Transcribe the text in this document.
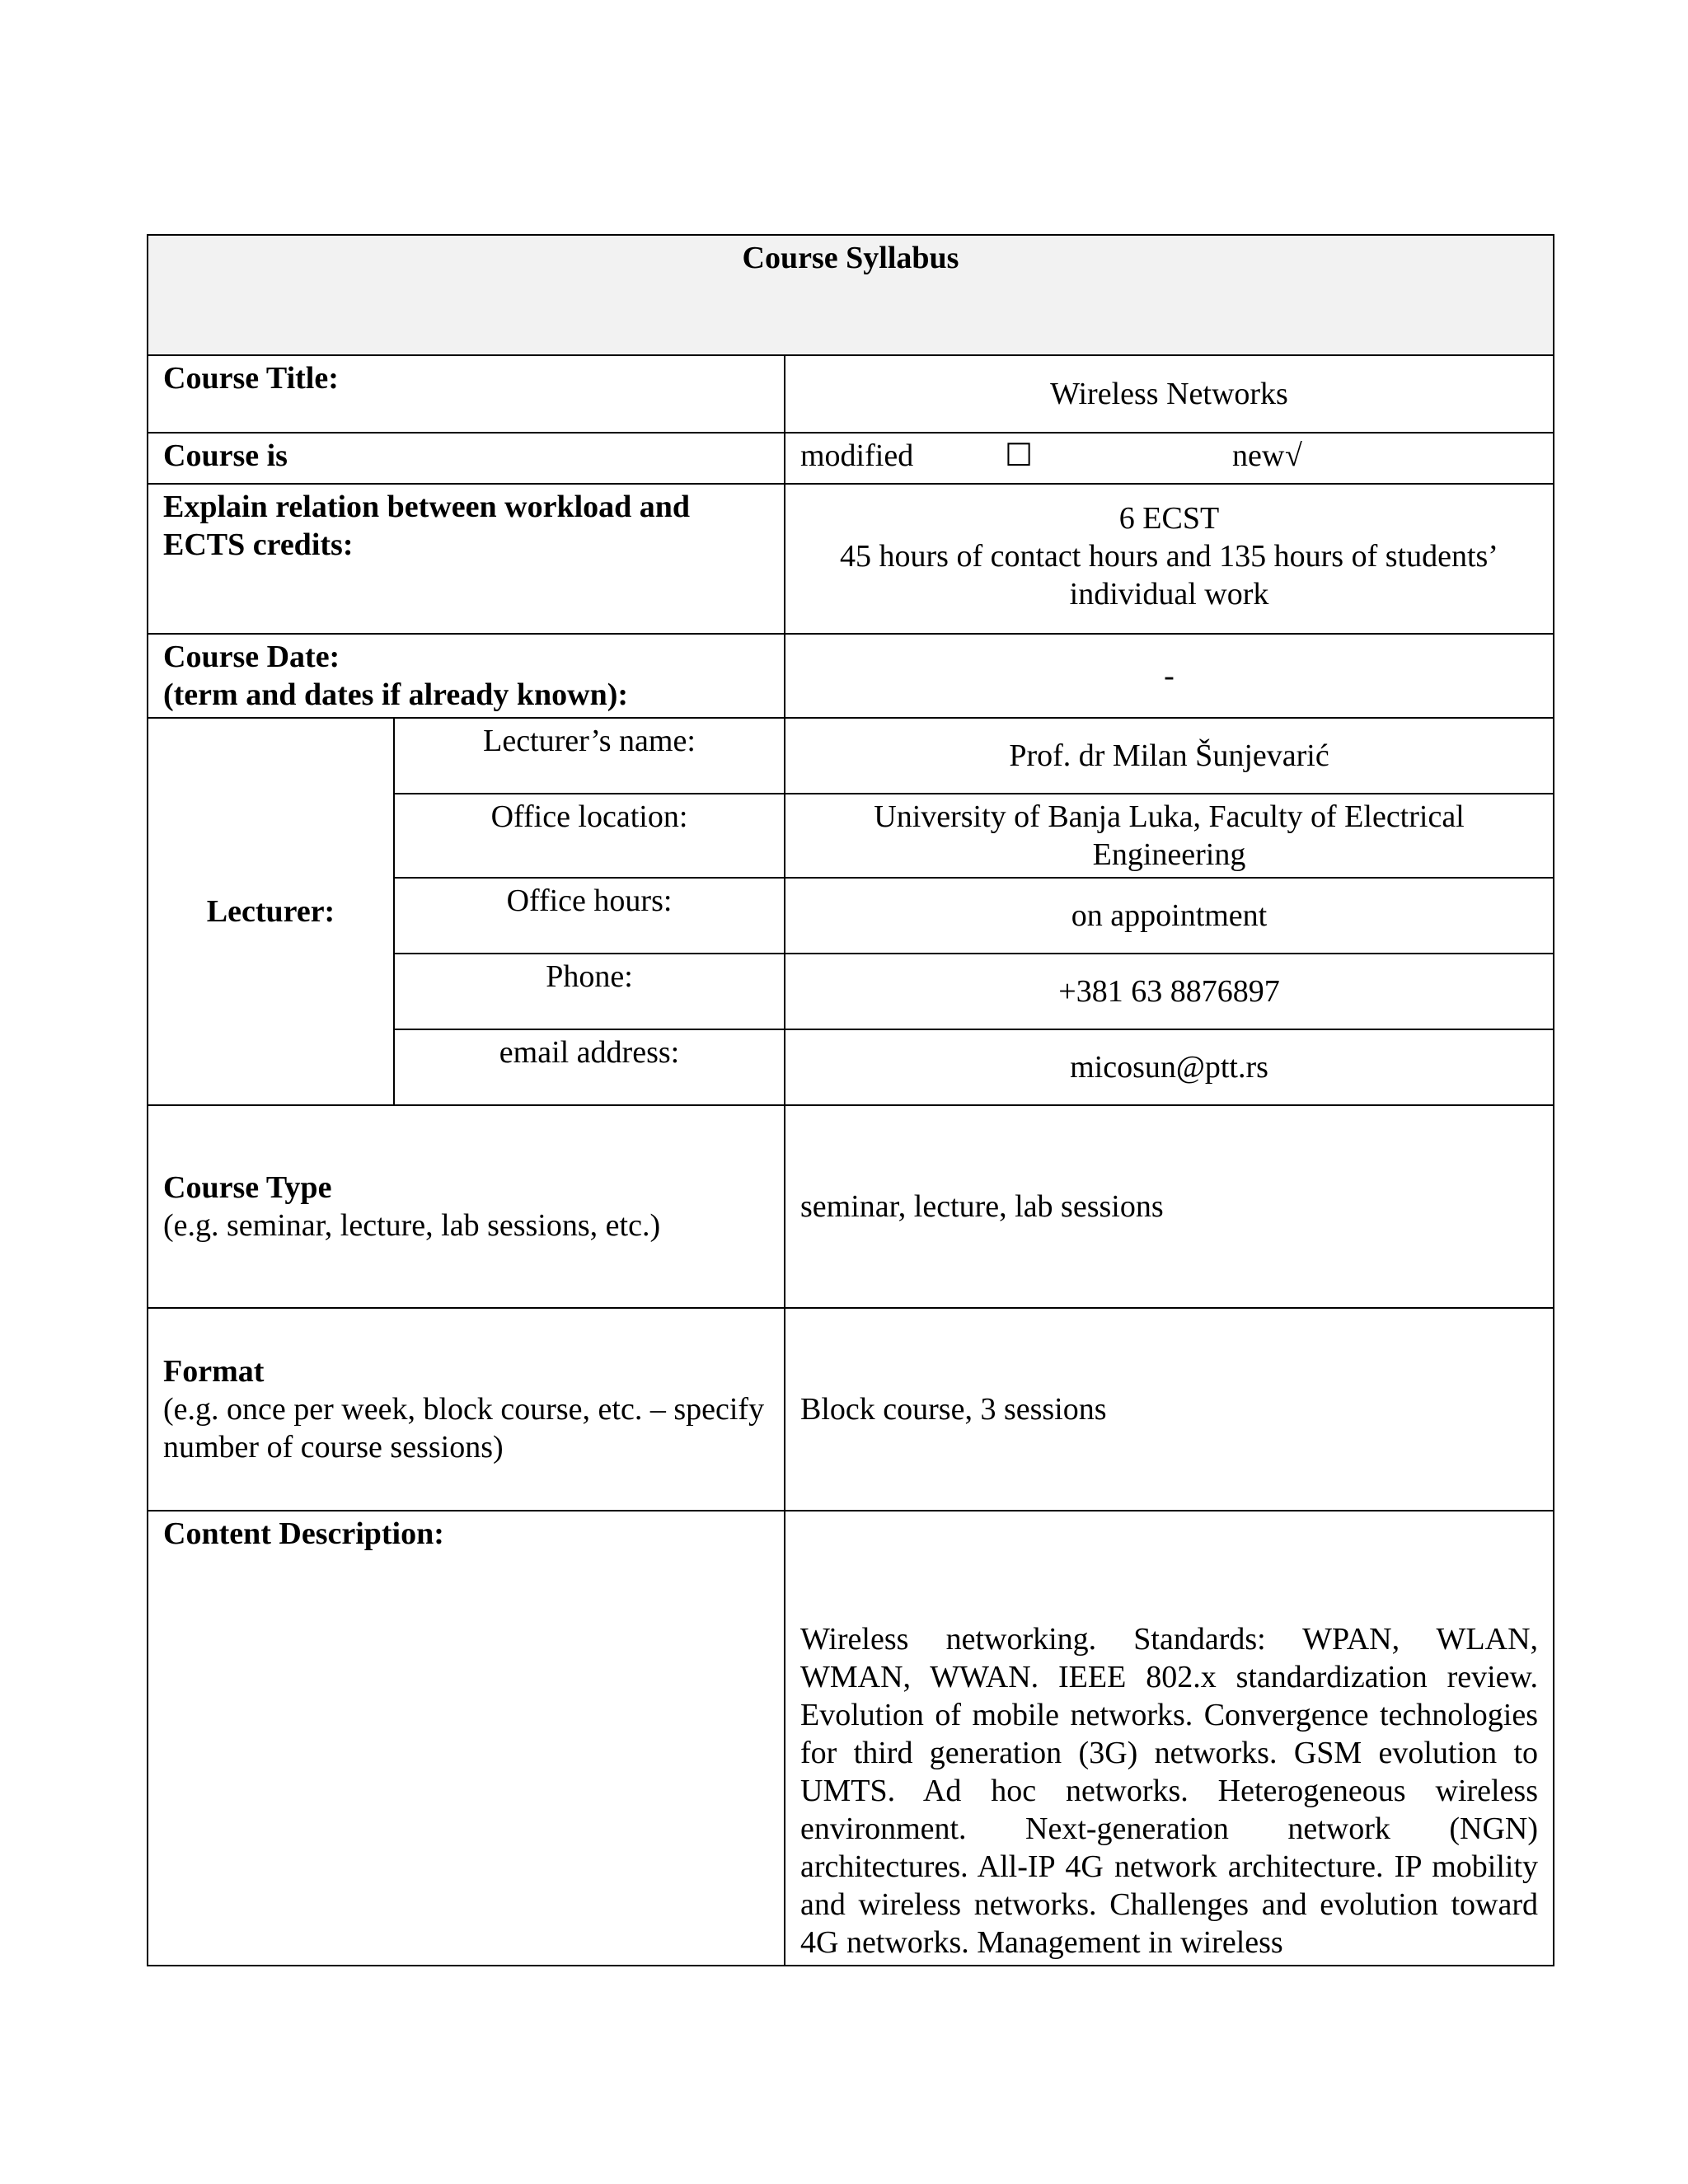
Course Syllabus		
Course Title:		Wireless Networks
Course is		modified ☐ new √

Explain relation between workload and ECTS credits:		6 ECST
45 hours of contact hours and 135 hours of students’ individual work

Course Date:
(term and dates if already known):		-
Lecturer:	Lecturer’s name:	Prof. dr Milan Šunjevarić
	Office location:	University of Banja Luka, Faculty of Electrical Engineering
	Office hours:	on appointment
	Phone:	+381 63 8876897
	email address:	micosun@ptt.rs

Course Type
(e.g. seminar, lecture, lab sessions, etc.)		seminar, lecture, lab sessions

Format
(e.g. once per week, block course, etc. – specify number of course sessions)		Block course, 3 sessions
Content Description:		Wireless networking. Standards: WPAN, WLAN, WMAN, WWAN. IEEE 802.x standardization review. Evolution of mobile networks. Convergence technologies for third generation (3G) networks. GSM evolution to UMTS. Ad hoc networks. Heterogeneous wireless environment. Next-generation network (NGN) architectures. All-IP 4G network architecture. IP mobility and wireless networks. Challenges and evolution toward 4G networks. Management in wireless
